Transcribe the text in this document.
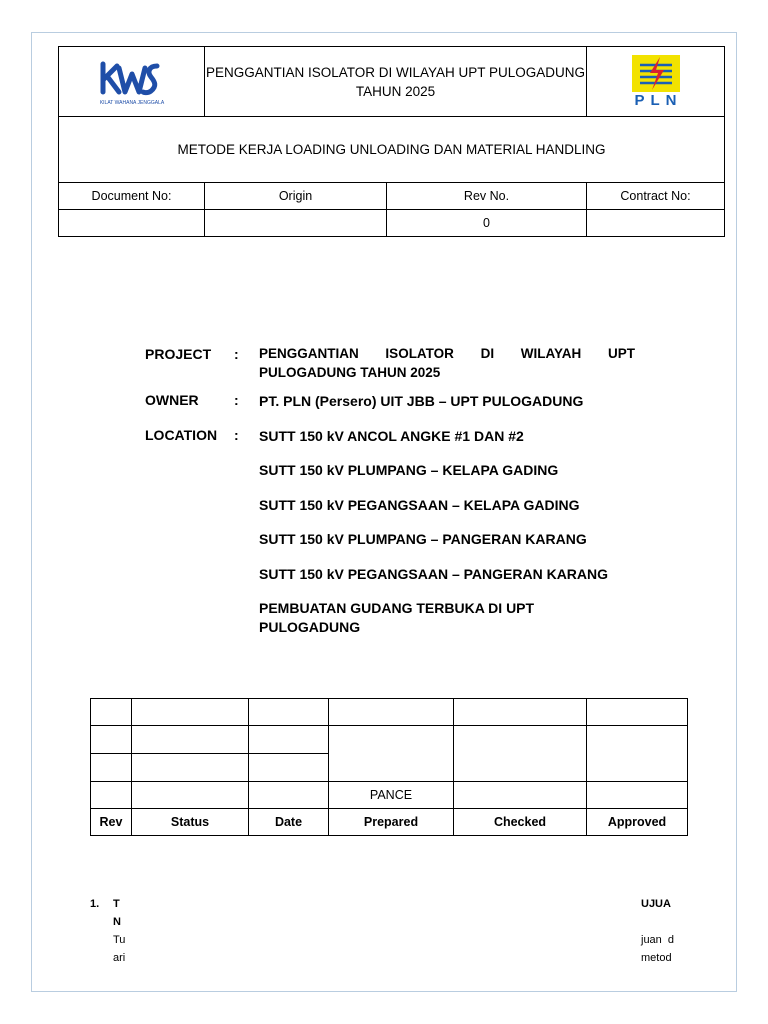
KILAT WAHANA JENGGALA	PENGGANTIAN ISOLATOR DI WILAYAH UPT PULOGADUNG
TAHUN 2025		PLN

METODE KERJA LOADING UNLOADING DAN MATERIAL HANDLING			
Document No:	Origin	Rev No.	Contract No:
		0	
PROJECT : PENGGANTIAN ISOLATOR DI WILAYAH UPT PULOGADUNG TAHUN 2025
OWNER	: PT. PLN (Persero) UIT JBB – UPT PULOGADUNG
LOCATION : SUTT 150 kV ANCOL ANGKE #1 DAN #2
SUTT 150 kV PLUMPANG – KELAPA GADING
SUTT 150 kV PEGANGSAAN – KELAPA GADING
SUTT 150 kV PLUMPANG – PANGERAN KARANG
SUTT 150 kV PEGANGSAAN – PANGERAN KARANG
PEMBUATAN GUDANG TERBUKA DI UPT PULOGADUNG

			PANCE		
Rev	Status	Date	Prepared	Checked	Approved
1. T
N
UJUA
Tu
ari
juan  d
metod
